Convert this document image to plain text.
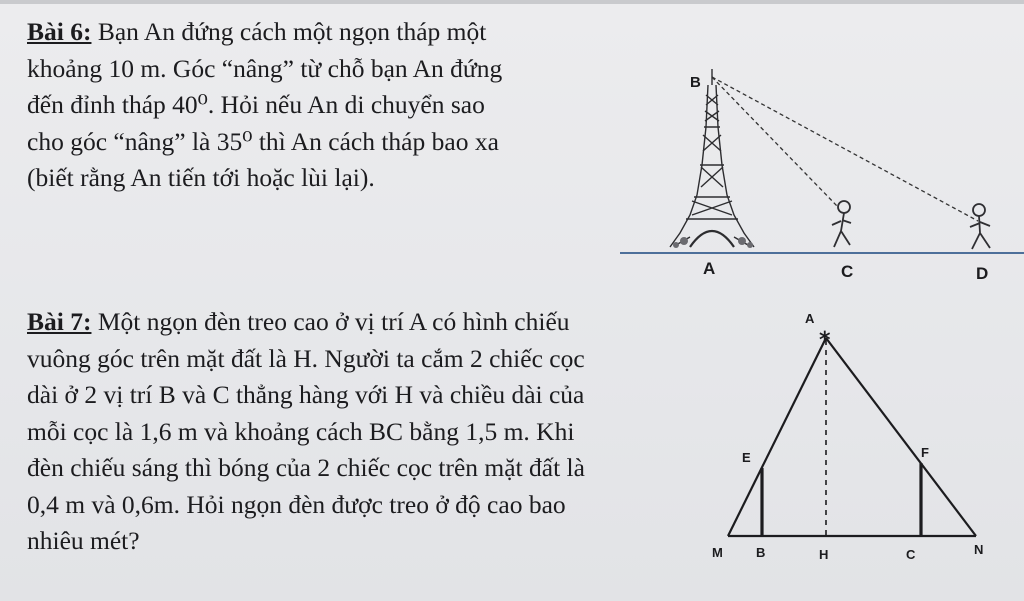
Bài 6: Bạn An đứng cách một ngọn tháp một
khoảng 10 m. Góc “nâng” từ chỗ bạn An đứng
đến đỉnh tháp 40⁰. Hỏi nếu An di chuyển sao
cho góc “nâng” là 35⁰ thì An cách tháp bao xa
(biết rằng An tiến tới hoặc lùi lại).
B
A	C	D
Bài 7: Một ngọn đèn treo cao ở vị trí A có hình chiếu
vuông góc trên mặt đất là H. Người ta cắm 2 chiếc cọc
dài ở 2 vị trí B và C thẳng hàng với H và chiều dài của
mỗi cọc là 1,6 m và khoảng cách BC bằng 1,5 m. Khi
đèn chiếu sáng thì bóng của 2 chiếc cọc trên mặt đất là
0,4 m và 0,6m. Hỏi ngọn đèn được treo ở độ cao bao
nhiêu mét?
*
A
E	F
M	B	H	C	N
